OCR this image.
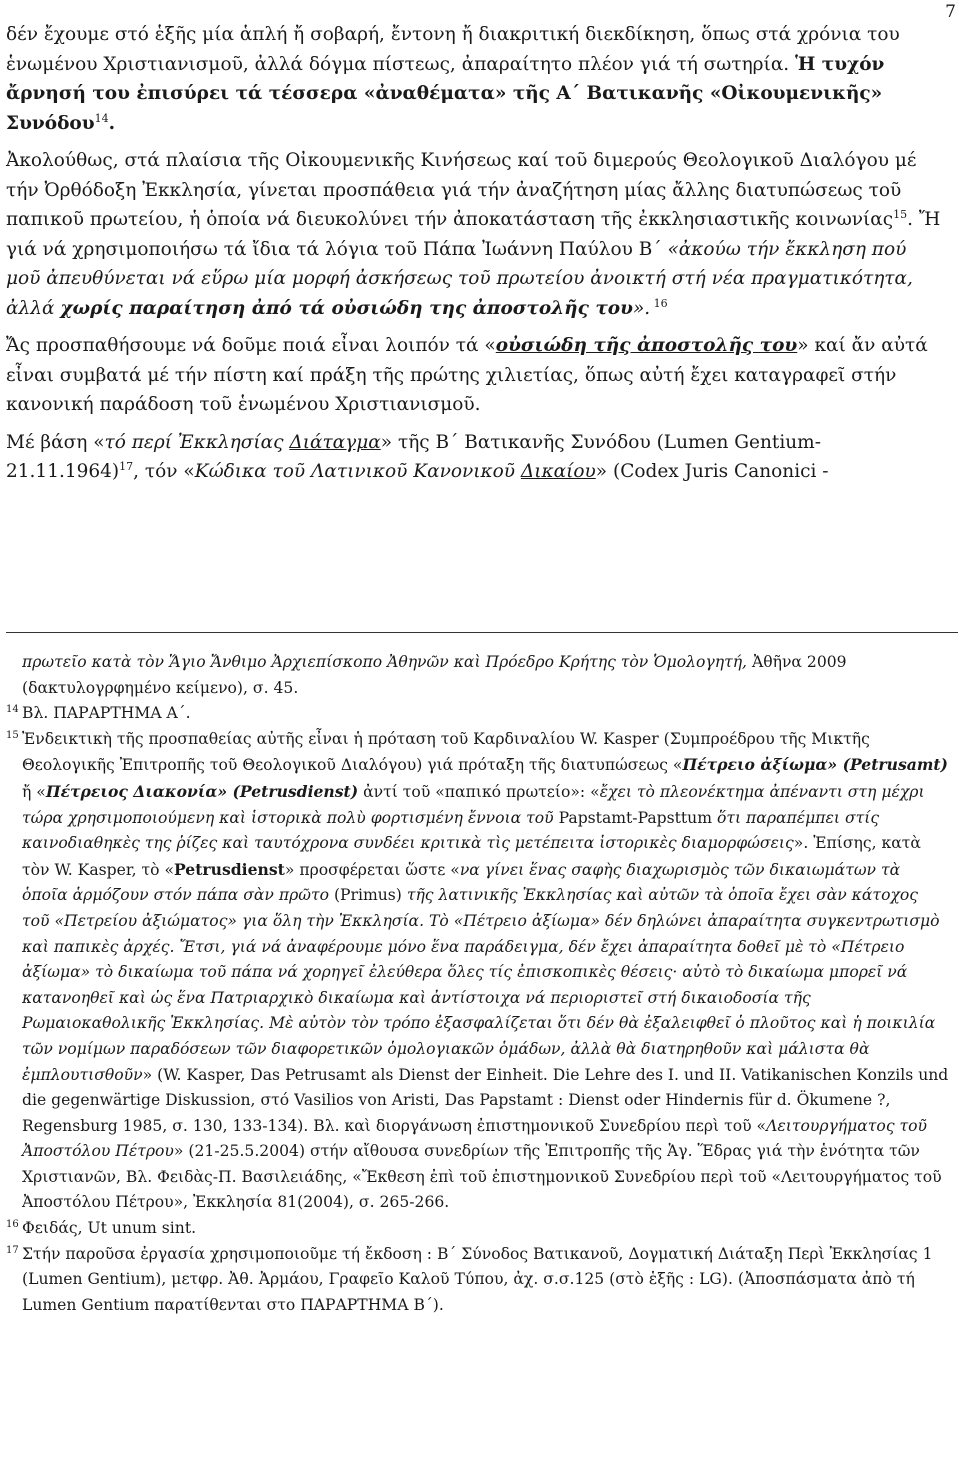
7

δέν ἔχουμε στό ἑξῆς μία ἁπλή ἤ σοβαρή, ἔντονη ἤ διακριτική διεκδίκηση, ὅπως στά χρόνια του ἑνωμένου Χριστιανισμοῦ, ἀλλά δόγμα πίστεως, ἀπαραίτητο πλέον γιά τή σωτηρία. Ἡ τυχόν ἄρνησή του ἐπισύρει τά τέσσερα «ἀναθέματα» τῆς Α΄ Βατικανῆς «Οἰκουμενικῆς» Συνόδου$^{14}$.

Ἀκολούθως, στά πλαίσια τῆς Οἰκουμενικῆς Κινήσεως καί τοῦ διμερούς Θεολογικοῦ Διαλόγου μέ τήν Ὀρθόδοξη Ἐκκλησία, γίνεται προσπάθεια γιά τήν ἀναζήτηση μίας ἄλλης διατυπώσεως τοῦ παπικοῦ πρωτείου, ἡ ὁποία νά διευκολύνει τήν ἀποκατάσταση τῆς ἐκκλησιαστικῆς κοινωνίας$^{15}$. Ἤ γιά νά χρησιμοποιήσω τά ἴδια τά λόγια τοῦ Πάπα Ἰωάννη Παύλου Β΄ «ἀκούω τήν ἔκκληση πού μοῦ ἀπευθύνεται νά εὕρω μία μορφή ἀσκήσεως τοῦ πρωτείου ἀνοικτή στή νέα πραγματικότητα, ἀλλά χωρίς παραίτηση ἀπό τά οὐσιώδη της ἀποστολῆς του». $^{16}$

Ἄς προσπαθήσουμε νά δοῦμε ποιά εἶναι λοιπόν τά «οὐσιώδη τῆς ἀποστολῆς του» καί ἄν αὐτά εἶναι συμβατά μέ τήν πίστη καί πράξη τῆς πρώτης χιλιετίας, ὅπως αὐτή ἔχει καταγραφεῖ στήν κανονική παράδοση τοῦ ἑνωμένου Χριστιανισμοῦ.

Μέ βάση «τό περί Ἐκκλησίας Διάταγμα» τῆς Β΄ Βατικανῆς Συνόδου (Lumen Gentium-21.11.1964)$^{17}$, τόν «Κώδικα τοῦ Λατινικοῦ Κανονικοῦ Δικαίου» (Codex Juris Canonici -

πρωτεῖο κατὰ τὸν Ἅγιο Ἄνθιμο Ἀρχιεπίσκοπο Ἀθηνῶν καὶ Πρόεδρο Κρήτης τὸν Ὁμολογητή, Ἀθῆνα 2009 (δακτυλογρφημένο κείμενο), σ. 45.
14 Βλ. ΠΑΡΑΡΤΗΜΑ Α΄.
15 Ἐνδεικτικὴ τῆς προσπαθείας αὐτῆς εἶναι ἡ πρόταση τοῦ Καρδιναλίου W. Kasper (Συμπροέδρου τῆς Μικτῆς Θεολογικῆς Ἐπιτροπῆς τοῦ Θεολογικοῦ Διαλόγου) γιά πρόταξη τῆς διατυπώσεως «Πέτρειο ἀξίωμα» (Petrusamt) ἤ «Πέτρειος Διακονία» (Petrusdienst) ἀντί τοῦ «παπικό πρωτείο»: «ἔχει τὸ πλεονέκτημα ἀπέναντι στη μέχρι τώρα χρησιμοποιούμενη καὶ ἱστορικὰ πολὺ φορτισμένη ἔννοια τοῦ Papstamt-Papsttum ὅτι παραπέμπει στίς καινοδιαθηκὲς της ῥίζες καὶ ταυτόχρονα συνδέει κριτικὰ τὶς μετέπειτα ἱστορικὲς διαμορφώσεις». Ἐπίσης, κατὰ τὸν W. Kasper, τὸ «Petrusdienst» προσφέρεται ὥστε «να γίνει ἕνας σαφὴς διαχωρισμὸς τῶν δικαιωμάτων τὰ ὁποῖα ἁρμόζουν στόν πάπα σὰν πρῶτο (Primus) τῆς λατινικῆς Ἐκκλησίας καὶ αὐτῶν τὰ ὁποῖα ἔχει σὰν κάτοχος τοῦ «Πετρείου ἀξιώματος» για ὅλη τὴν Ἐκκλησία. Τὸ «Πέτρειο ἀξίωμα» δέν δηλώνει ἀπαραίτητα συγκεντρωτισμὸ καὶ παπικὲς ἀρχές. Ἔτσι, γιά νά ἀναφέρουμε μόνο ἕνα παράδειγμα, δέν ἔχει ἀπαραίτητα δοθεῖ μὲ τὸ «Πέτρειο ἀξίωμα» τὸ δικαίωμα τοῦ πάπα νά χορηγεῖ ἐλεύθερα ὅλες τίς ἐπισκοπικὲς θέσεις· αὐτὸ τὸ δικαίωμα μπορεῖ νά κατανοηθεῖ καὶ ὡς ἕνα Πατριαρχικὸ δικαίωμα καὶ ἀντίστοιχα νά περιοριστεῖ στή δικαιοδοσία τῆς Ρωμαιοκαθολικῆς Ἐκκλησίας. Μὲ αὐτὸν τὸν τρόπο ἐξασφαλίζεται ὅτι δέν θὰ ἐξαλειφθεῖ ὁ πλοῦτος καὶ ἡ ποικιλία τῶν νομίμων παραδόσεων τῶν διαφορετικῶν ὁμολογιακῶν ὁμάδων, ἀλλὰ θὰ διατηρηθοῦν καὶ μάλιστα θὰ ἐμπλουτισθοῦν» (W. Kasper, Das Petrusamt als Dienst der Einheit. Die Lehre des I. und II. Vatikanischen Konzils und die gegenwärtige Diskussion, στό Vasilios von Aristi, Das Papstamt : Dienst oder Hindernis für d. Ökumene ?, Regensburg 1985, σ. 130, 133-134). Βλ. καὶ διοργάνωση ἐπιστημονικοῦ Συνεδρίου περὶ τοῦ «Λειτουργήματος τοῦ Ἀποστόλου Πέτρου» (21-25.5.2004) στήν αἴθουσα συνεδρίων τῆς Ἐπιτροπῆς τῆς Ἁγ. Ἕδρας γιά τὴν ἑνότητα τῶν Χριστιανῶν, Βλ. Φειδὰς-Π. Βασιλειάδης, «Ἔκθεση ἐπὶ τοῦ ἐπιστημονικοῦ Συνεδρίου περὶ τοῦ «Λειτουργήματος τοῦ Ἀποστόλου Πέτρου», Ἐκκλησία 81(2004), σ. 265-266.
16 Φειδάς, Ut unum sint.
17 Στήν παροῦσα ἐργασία χρησιμοποιοῦμε τή ἔκδοση : Β΄ Σύνοδος Βατικανοῦ, Δογματική Διάταξη Περὶ Ἐκκλησίας 1 (Lumen Gentium), μετφρ. Ἀθ. Ἀρμάου, Γραφεῖο Καλοῦ Τύπου, ἀχ. σ.σ.125 (στὸ ἑξῆς : LG). (Ἀποσπάσματα ἀπὸ τή Lumen Gentium παρατίθενται στο ΠΑΡΑΡΤΗΜΑ Β΄).
